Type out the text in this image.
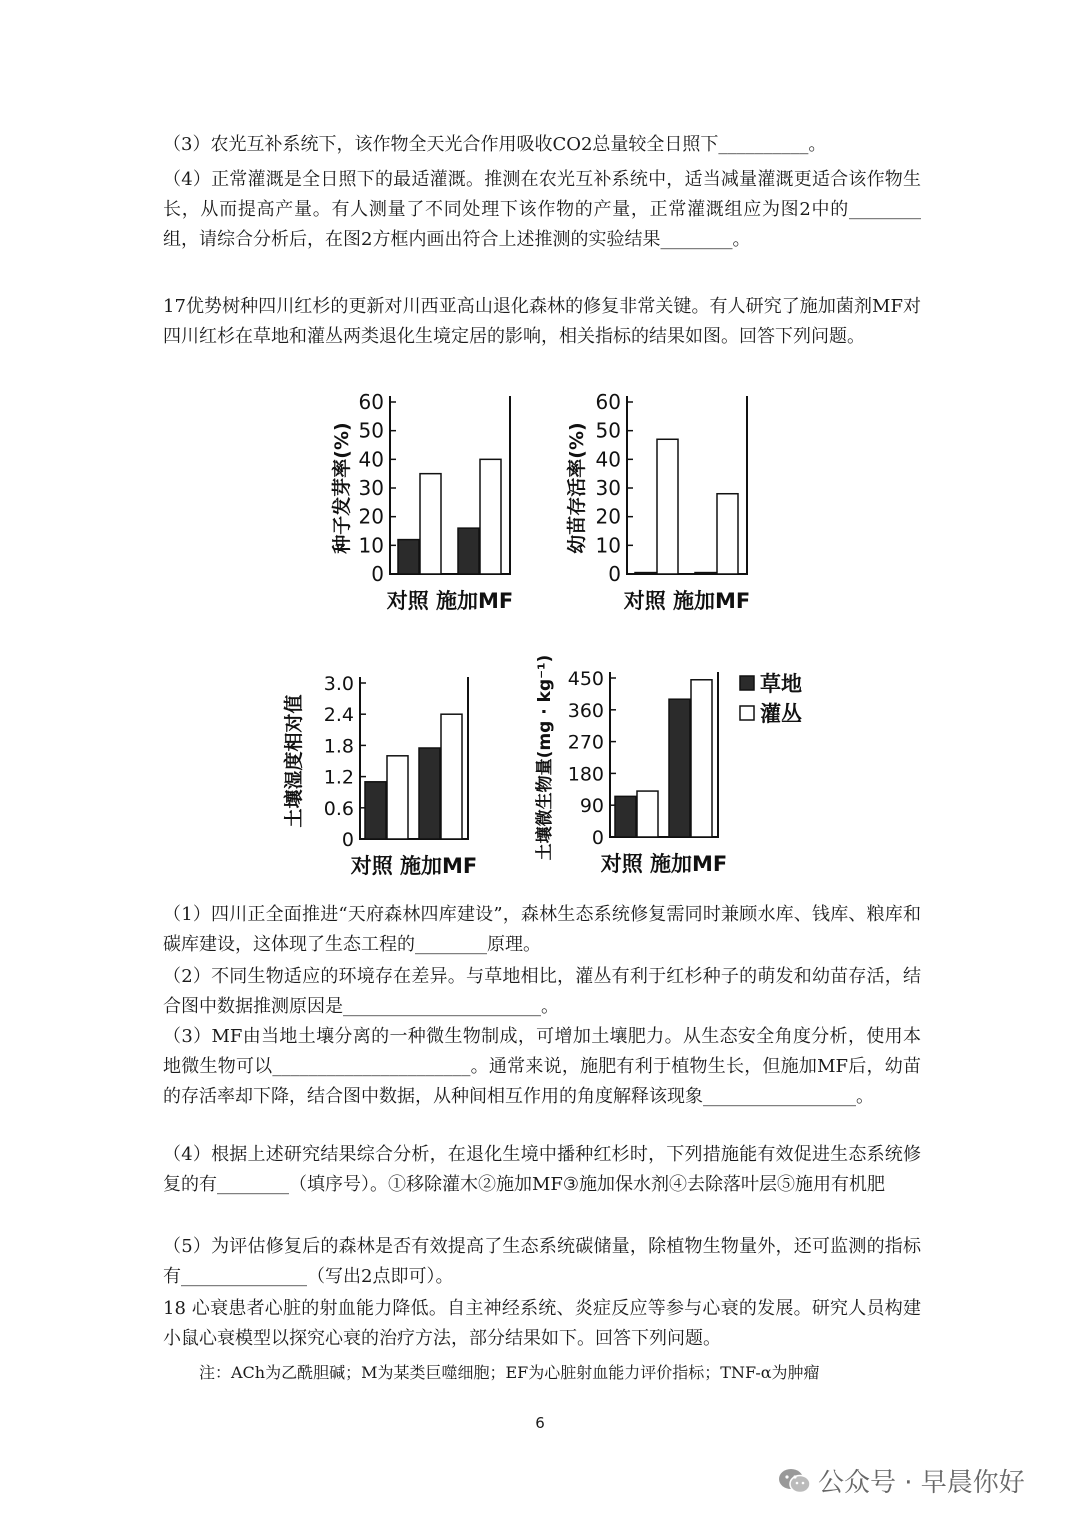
（3）农光互补系统下，该作物全天光合作用吸收CO2总量较全日照下__________。

（4）正常灌溉是全日照下的最适灌溉。推测在农光互补系统中，适当减量灌溉更适合该作物生长，从而提高产量。有人测量了不同处理下该作物的产量，正常灌溉组应为图2中的________组，请综合分析后，在图2方框内画出符合上述推测的实验结果________。

17优势树种四川红杉的更新对川西亚高山退化森林的修复非常关键。有人研究了施加菌剂MF对四川红杉在草地和灌丛两类退化生境定居的影响，相关指标的结果如图。回答下列问题。

0
10
20
30
40
50
60
对照 施加MF
种子发芽率(%)
0
10
20
30
40
50
60
对照 施加MF
幼苗存活率(%)
0
0.6
1.2
1.8
2.4
3.0
对照 施加MF
土壤湿度相对值
0
90
180
270
360
450
对照 施加MF
土壤微生物量(mg · kg⁻¹)	草地
灌丛

（1）四川正全面推进“天府森林四库建设”，森林生态系统修复需同时兼顾水库、钱库、粮库和碳库建设，这体现了生态工程的________原理。

（2）不同生物适应的环境存在差异。与草地相比，灌丛有利于红杉种子的萌发和幼苗存活，结合图中数据推测原因是______________________。

（3）MF由当地土壤分离的一种微生物制成，可增加土壤肥力。从生态安全角度分析，使用本地微生物可以______________________。通常来说，施肥有利于植物生长，但施加MF后，幼苗的存活率却下降，结合图中数据，从种间相互作用的角度解释该现象_________________。

（4）根据上述研究结果综合分析，在退化生境中播种红杉时，下列措施能有效促进生态系统修复的有________（填序号）。①移除灌木②施加MF③施加保水剂④去除落叶层⑤施用有机肥

（5）为评估修复后的森林是否有效提高了生态系统碳储量，除植物生物量外，还可监测的指标有______________（写出2点即可）。

18 心衰患者心脏的射血能力降低。自主神经系统、炎症反应等参与心衰的发展。研究人员构建小鼠心衰模型以探究心衰的治疗方法，部分结果如下。回答下列问题。

注：ACh为乙酰胆碱；M为某类巨噬细胞；EF为心脏射血能力评价指标；TNF-α为肿瘤

6
公众号 · 早晨你好
